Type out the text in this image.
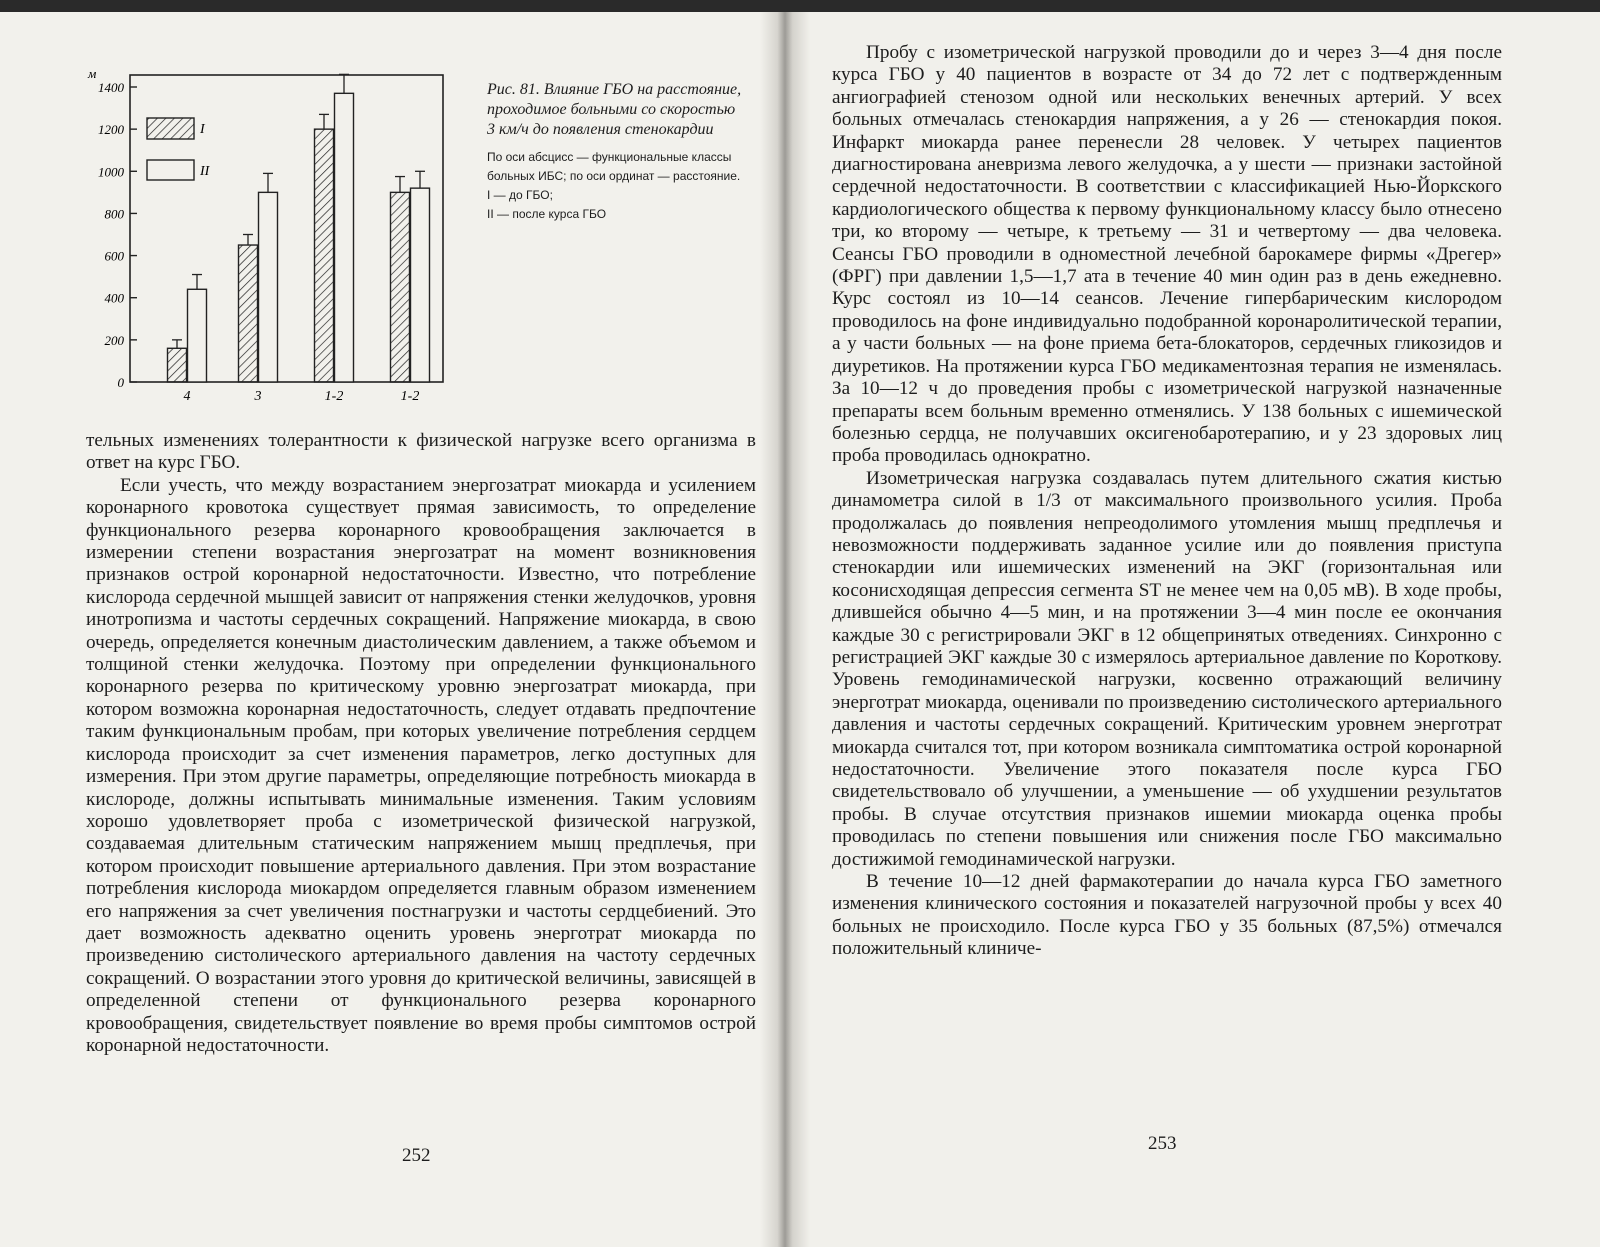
м
0
200
400
600
800
1000
1200
1400
4	3	1-2	1-2
I
II

Рис. 81. Влияние ГБО на расстояние, проходимое больными со скоростью 3 км/ч до появления стенокардии

По оси абсцисс — функциональные классы больных ИБС; по оси ординат — расстояние.

I — до ГБО;

II — после курса ГБО

тельных изменениях толерантности к физической нагрузке всего организма в ответ на курс ГБО.

Если учесть, что между возрастанием энергозатрат миокарда и усилением коронарного кровотока существует прямая зависимость, то определение функционального резерва коронарного кровообращения заключается в измерении степени возрастания энергозатрат на момент возникновения признаков острой коронарной недостаточности. Известно, что потребление кислорода сердечной мышцей зависит от напряжения стенки желудочков, уровня инотропизма и частоты сердечных сокращений. Напряжение миокарда, в свою очередь, определяется конечным диастолическим давлением, а также объемом и толщиной стенки желудочка. Поэтому при определении функционального коронарного резерва по критическому уровню энергозатрат миокарда, при котором возможна коронарная недостаточность, следует отдавать предпочтение таким функциональным пробам, при которых увеличение потребления сердцем кислорода происходит за счет изменения параметров, легко доступных для измерения. При этом другие параметры, определяющие потребность миокарда в кислороде, должны испытывать минимальные изменения. Таким условиям хорошо удовлетворяет проба с изометрической физической нагрузкой, создаваемая длительным статическим напряжением мышц предплечья, при котором происходит повышение артериального давления. При этом возрастание потребления кислорода миокардом определяется главным образом изменением его напряжения за счет увеличения постнагрузки и частоты сердцебиений. Это дает возможность адекватно оценить уровень энерготрат миокарда по произведению систолического артериального давления на частоту сердечных сокращений. О возрастании этого уровня до критической величины, зависящей в определенной степени от функционального резерва коронарного кровообращения, свидетельствует появление во время пробы симптомов острой коронарной недостаточности.

252

Пробу с изометрической нагрузкой проводили до и через 3—4 дня после курса ГБО у 40 пациентов в возрасте от 34 до 72 лет с подтвержденным ангиографией стенозом одной или нескольких венечных артерий. У всех больных отмечалась стенокардия напряжения, а у 26 — стенокардия покоя. Инфаркт миокарда ранее перенесли 28 человек. У четырех пациентов диагностирована аневризма левого желудочка, а у шести — признаки застойной сердечной недостаточности. В соответствии с классификацией Нью-Йоркского кардиологического общества к первому функциональному классу было отнесено три, ко второму — четыре, к третьему — 31 и четвертому — два человека. Сеансы ГБО проводили в одноместной лечебной барокамере фирмы «Дрегер» (ФРГ) при давлении 1,5—1,7 ата в течение 40 мин один раз в день ежедневно. Курс состоял из 10—14 сеансов. Лечение гипербарическим кислородом проводилось на фоне индивидуально подобранной коронаролитической терапии, а у части больных — на фоне приема бета-блокаторов, сердечных гликозидов и диуретиков. На протяжении курса ГБО медикаментозная терапия не изменялась. За 10—12 ч до проведения пробы с изометрической нагрузкой назначенные препараты всем больным временно отменялись. У 138 больных с ишемической болезнью сердца, не получавших оксигенобаротерапию, и у 23 здоровых лиц проба проводилась однократно.

Изометрическая нагрузка создавалась путем длительного сжатия кистью динамометра силой в 1/3 от максимального произвольного усилия. Проба продолжалась до появления непреодолимого утомления мышц предплечья и невозможности поддерживать заданное усилие или до появления приступа стенокардии или ишемических изменений на ЭКГ (горизонтальная или косонисходящая депрессия сегмента ST не менее чем на 0,05 мВ). В ходе пробы, длившейся обычно 4—5 мин, и на протяжении 3—4 мин после ее окончания каждые 30 с регистрировали ЭКГ в 12 общепринятых отведениях. Синхронно с регистрацией ЭКГ каждые 30 с измерялось артериальное давление по Короткову. Уровень гемодинамической нагрузки, косвенно отражающий величину энерготрат миокарда, оценивали по произведению систолического артериального давления и частоты сердечных сокращений. Критическим уровнем энерготрат миокарда считался тот, при котором возникала симптоматика острой коронарной недостаточности. Увеличение этого показателя после курса ГБО свидетельствовало об улучшении, а уменьшение — об ухудшении результатов пробы. В случае отсутствия признаков ишемии миокарда оценка пробы проводилась по степени повышения или снижения после ГБО максимально достижимой гемодинамической нагрузки.

В течение 10—12 дней фармакотерапии до начала курса ГБО заметного изменения клинического состояния и показателей нагрузочной пробы у всех 40 больных не происходило. После курса ГБО у 35 больных (87,5%) отмечался положительный клиниче-

253
